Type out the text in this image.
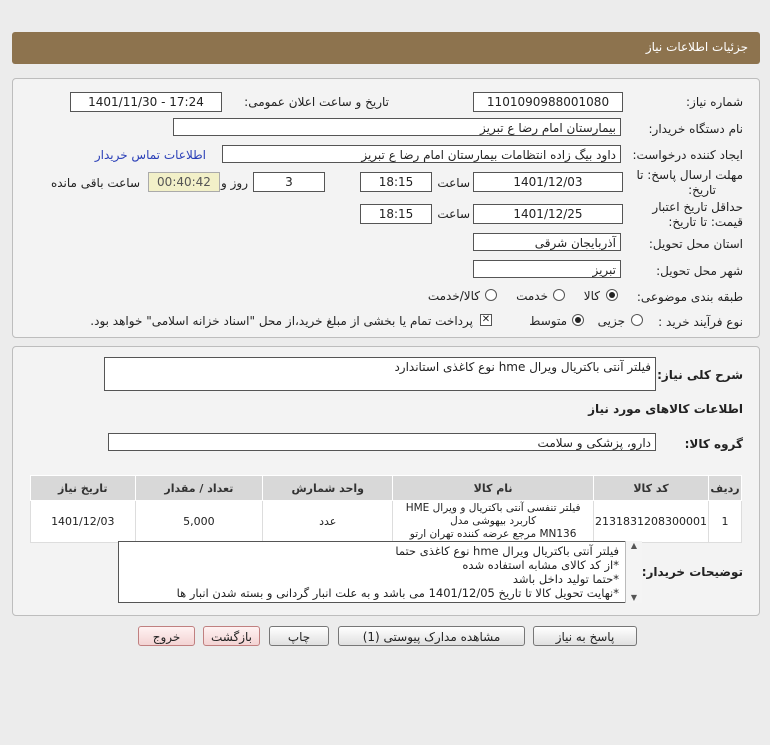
جزئیات اطلاعات نیاز
شماره نیاز:
1101090988001080
تاریخ و ساعت اعلان عمومی:
1401/11/30 - 17:24
نام دستگاه خریدار:
بیمارستان امام رضا ع تبریز
ایجاد کننده درخواست:
داود بیگ زاده انتظامات بیمارستان امام رضا ع تبریز
اطلاعات تماس خریدار
مهلت ارسال پاسخ: تا
تاریخ:
1401/12/03
ساعت
18:15
3
روز و
00:40:42
ساعت باقی مانده
حداقل تاریخ اعتبار
قیمت: تا تاریخ:
1401/12/25
ساعت
18:15
استان محل تحویل:
آذربایجان شرقی
شهر محل تحویل:
تبریز
طبقه بندی موضوعی:
کالا
خدمت
کالا/خدمت
نوع فرآیند خرید :
جزیی
متوسط
✕
پرداخت تمام یا بخشی از مبلغ خرید،از محل "اسناد خزانه اسلامی" خواهد بود.
شرح کلی نیاز:
فیلتر آنتی باکتریال ویرال hme نوع کاغذی استاندارد
اطلاعات کالاهای مورد نیاز
گروه کالا:
دارو، پزشکی و سلامت
ردیف	کد کالا	نام کالا	واحد شمارش	تعداد / مقدار	تاریخ نیاز
1	2131831208300001	فیلتر تنفسی آنتی باکتریال و ویرال HME کاربرد بیهوشی مدل
MN136 مرجع عرضه کننده تهران ارتو	عدد	5,000	1401/12/03
توضیحات خریدار:
فیلتر آنتی باکتریال ویرال hme نوع کاغذی حتما
*از کد کالای مشابه استفاده شده
*حتما تولید داخل باشد
*نهایت تحویل کالا تا تاریخ 1401/12/05 می باشد و به علت انبار گردانی و بسته شدن انبار ها
▲
▼
پاسخ به نیاز
مشاهده مدارک پیوستی (1)
چاپ
بازگشت
خروج
